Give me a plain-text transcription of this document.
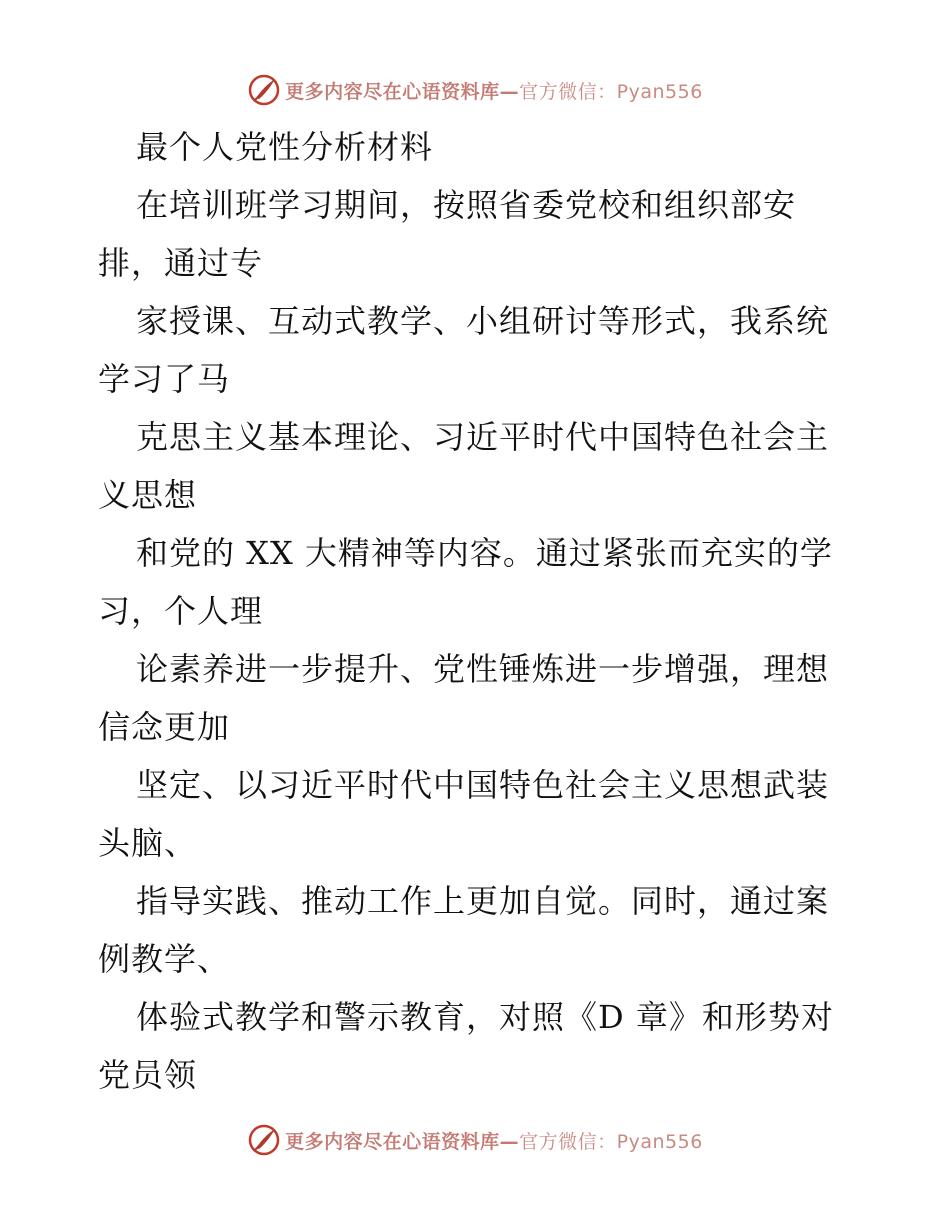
更多内容尽在心语资料库—官方微信：Pyan556
最个人党性分析材料
在培训班学习期间，按照省委党校和组织部安
排，通过专
家授课、互动式教学、小组研讨等形式，我系统
学习了马
克思主义基本理论、习近平时代中国特色社会主
义思想
和党的 XX 大精神等内容。通过紧张而充实的学
习，个人理
论素养进一步提升、党性锤炼进一步增强，理想
信念更加
坚定、以习近平时代中国特色社会主义思想武装
头脑、
指导实践、推动工作上更加自觉。同时，通过案
例教学、
体验式教学和警示教育，对照《D 章》和形势对
党员领
更多内容尽在心语资料库—官方微信：Pyan556
